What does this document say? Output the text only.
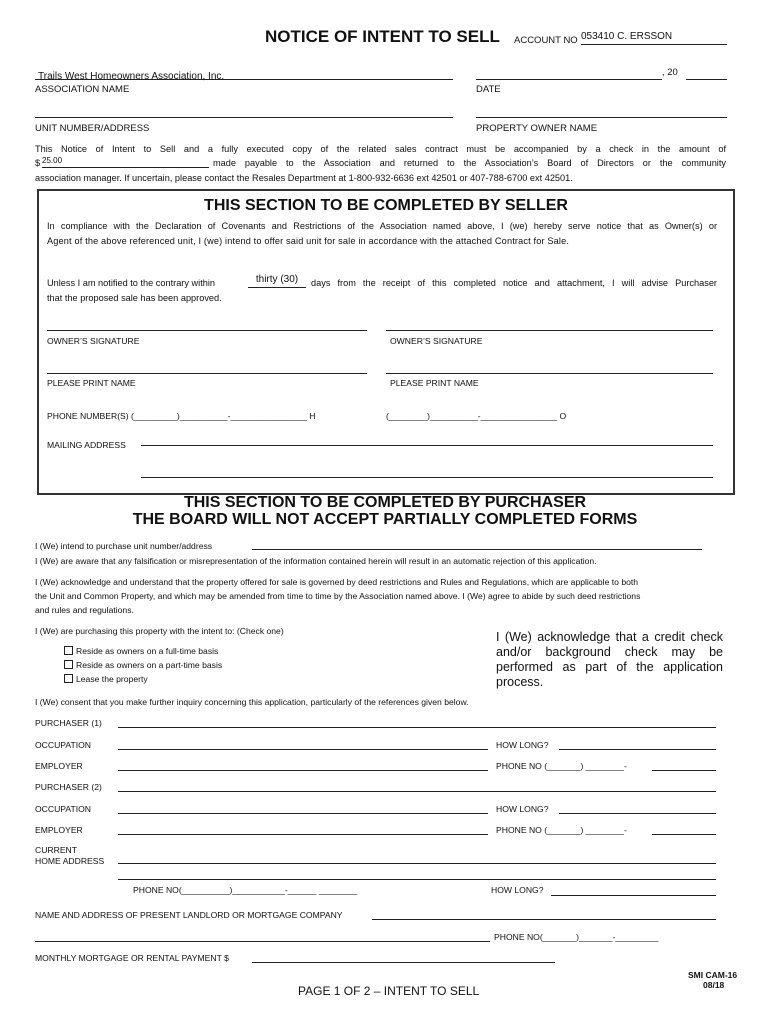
NOTICE OF INTENT TO SELL ACCOUNT NO 053410 C. ERSSON
Trails West Homeowners Association, Inc.
ASSOCIATION NAME
, 20
DATE
UNIT NUMBER/ADDRESS	PROPERTY OWNER NAME
This Notice of Intent to Sell and a fully executed copy of the related sales contract must be accompanied by a check in the amount of
$ 25.00	made payable to the Association and returned to the Association’s Board of Directors or the community
association manager. If uncertain, please contact the Resales Department at 1-800-932-6636 ext 42501 or 407-788-6700 ext 42501.
THIS SECTION TO BE COMPLETED BY SELLER
In compliance with the Declaration of Covenants and Restrictions of the Association named above, I (we) hereby serve notice that as Owner(s) or
Agent of the above referenced unit, I (we) intend to offer said unit for sale in accordance with the attached Contract for Sale.
Unless I am notified to the contrary within	thirty (30)	days from the receipt of this completed notice and attachment, I will advise Purchaser
that the proposed sale has been approved.
OWNER’S SIGNATURE	OWNER’S SIGNATURE
PLEASE PRINT NAME	PLEASE PRINT NAME
PHONE NUMBER(S) (_________)__________-________________ H	(________)__________-________________ O
MAILING ADDRESS
THIS SECTION TO BE COMPLETED BY PURCHASER
THE BOARD WILL NOT ACCEPT PARTIALLY COMPLETED FORMS
I (We) intend to purchase unit number/address
I (We) are aware that any falsification or misrepresentation of the information contained herein will result in an automatic rejection of this application.
I (We) acknowledge and understand that the property offered for sale is governed by deed restrictions and Rules and Regulations, which are applicable to both
the Unit and Common Property, and which may be amended from time to time by the Association named above. I (We) agree to abide by such deed restrictions
and rules and regulations.
I (We) are purchasing this property with the intent to: (Check one)
Reside as owners on a full-time basis
Reside as owners on a part-time basis
Lease the property
I (We) acknowledge that a credit check
and/or background check may be
performed as part of the application
process.
I (We) consent that you make further inquiry concerning this application, particularly of the references given below.
PURCHASER (1)
OCCUPATION	HOW LONG?
EMPLOYER	PHONE NO (_______) ________-
PURCHASER (2)
OCCUPATION	HOW LONG?
EMPLOYER	PHONE NO (_______) ________-
CURRENT
HOME ADDRESS
PHONE NO(__________)___________-______ ________	HOW LONG?
NAME AND ADDRESS OF PRESENT LANDLORD OR MORTGAGE COMPANY
PHONE NO(_______)_______-_________
MONTHLY MORTGAGE OR RENTAL PAYMENT $
PAGE 1 OF 2 – INTENT TO SELL
SMI CAM-16
08/18
